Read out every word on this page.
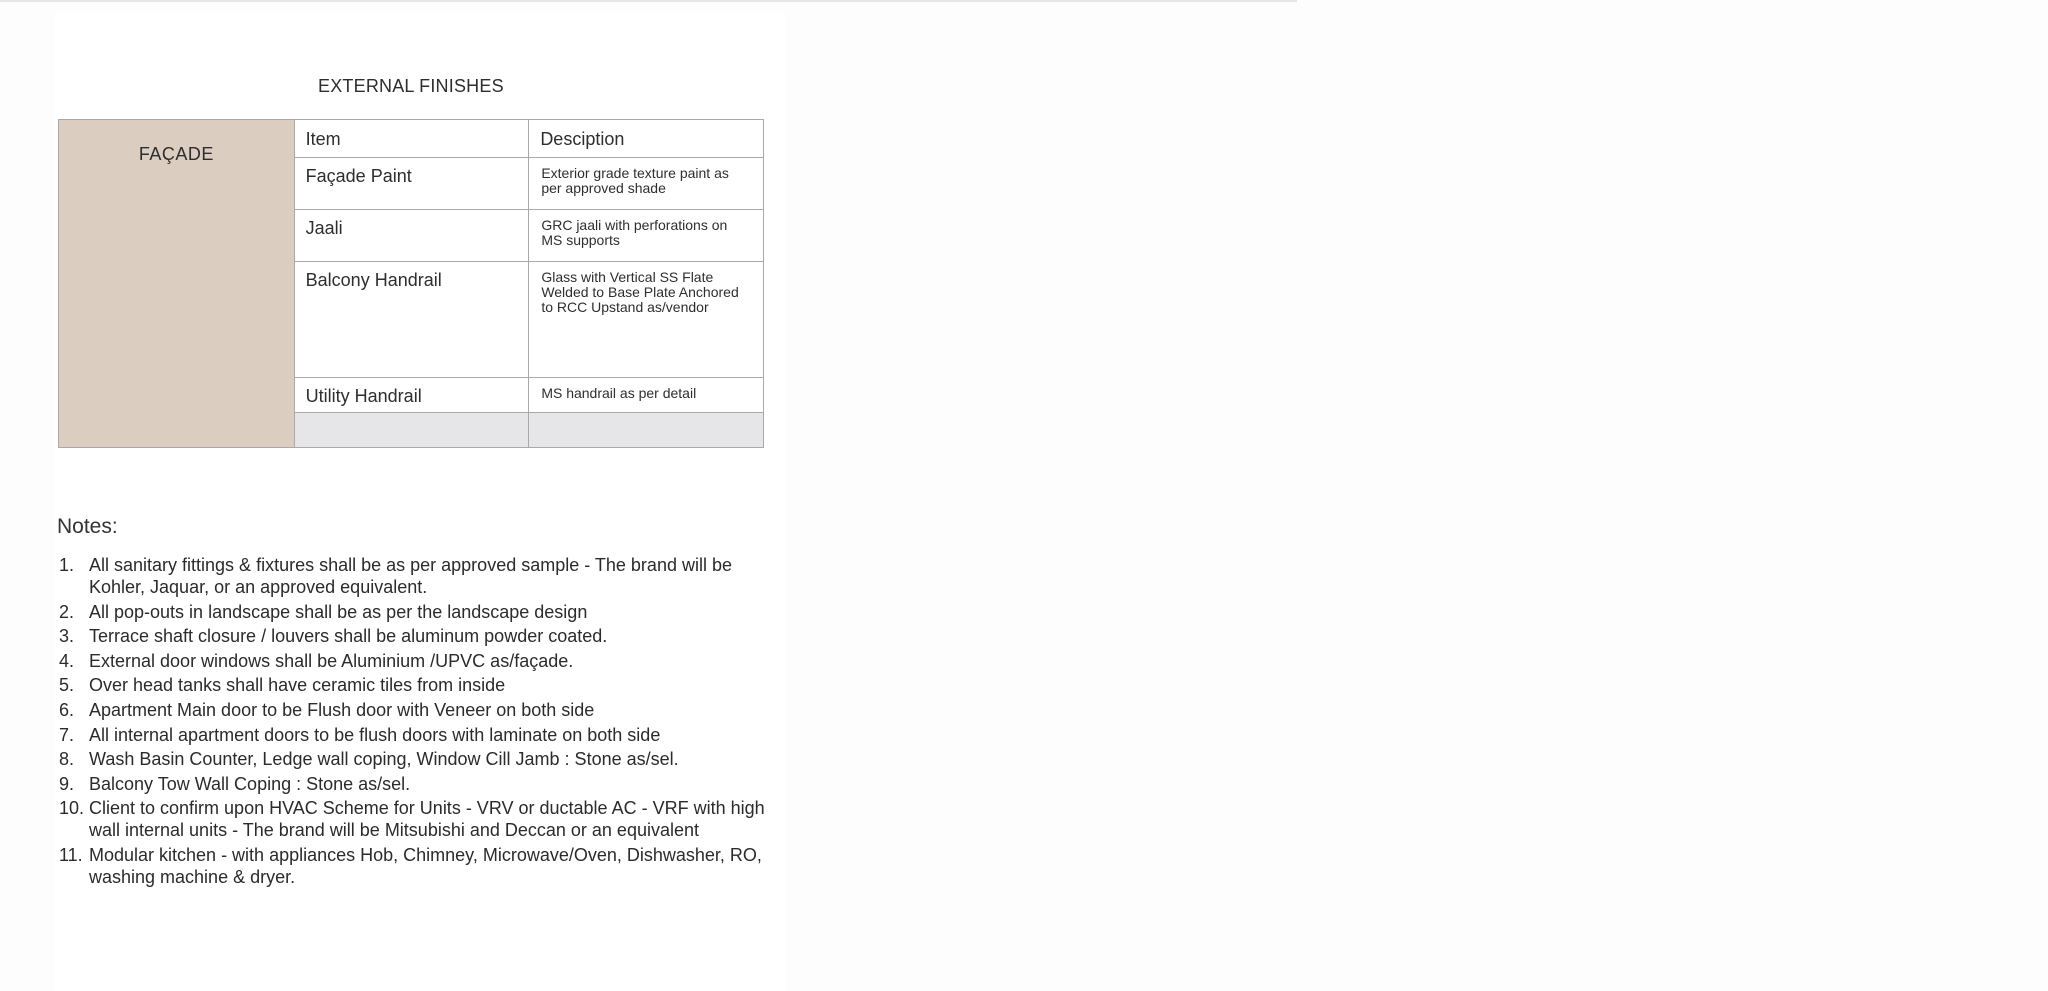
EXTERNAL FINISHES
FAÇADE	Item	Desciption

	Façade Paint	Exterior grade texture paint as per approved shade

	Jaali	GRC jaali with perforations on MS supports

	Balcony Handrail	Glass with Vertical SS Flate Welded to Base Plate Anchored to RCC Upstand as/vendor

	Utility Handrail	MS handrail as per detail

Notes:
1. All sanitary fittings & fixtures shall be as per approved sample - The brand will be Kohler, Jaquar, or an approved equivalent.
2. All pop-outs in landscape shall be as per the landscape design
3. Terrace shaft closure / louvers shall be aluminum powder coated.
4. External door windows shall be Aluminium /UPVC as/façade.
5. Over head tanks shall have ceramic tiles from inside
6. Apartment Main door to be Flush door with Veneer on both side
7. All internal apartment doors to be flush doors with laminate on both side
8. Wash Basin Counter, Ledge wall coping, Window Cill Jamb : Stone as/sel.
9. Balcony Tow Wall Coping : Stone as/sel.
10. Client to confirm upon HVAC Scheme for Units - VRV or ductable AC - VRF with high wall internal units - The brand will be Mitsubishi and Deccan or an equivalent
11. Modular kitchen - with appliances Hob, Chimney, Microwave/Oven, Dishwasher, RO, washing machine & dryer.
